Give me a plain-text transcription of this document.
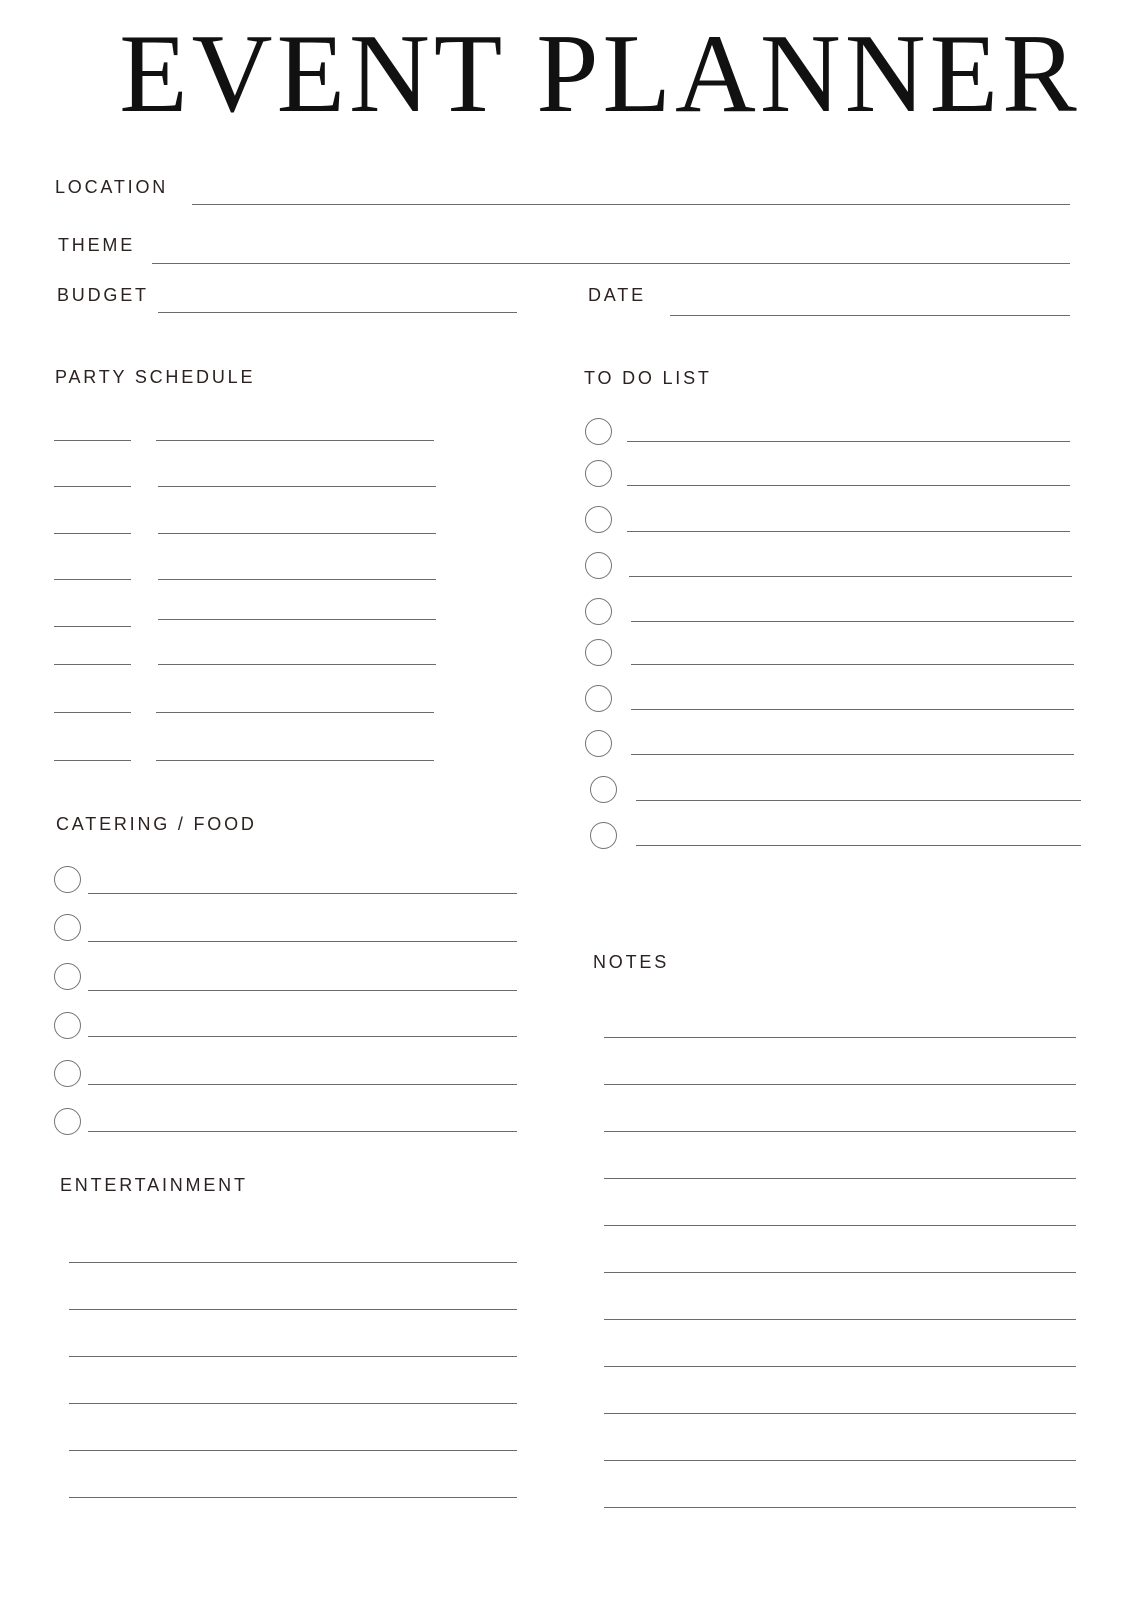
EVENT PLANNER
LOCATION
THEME
BUDGET	DATE
PARTY SCHEDULE	TO DO LIST
CATERING / FOOD
NOTES
ENTERTAINMENT
